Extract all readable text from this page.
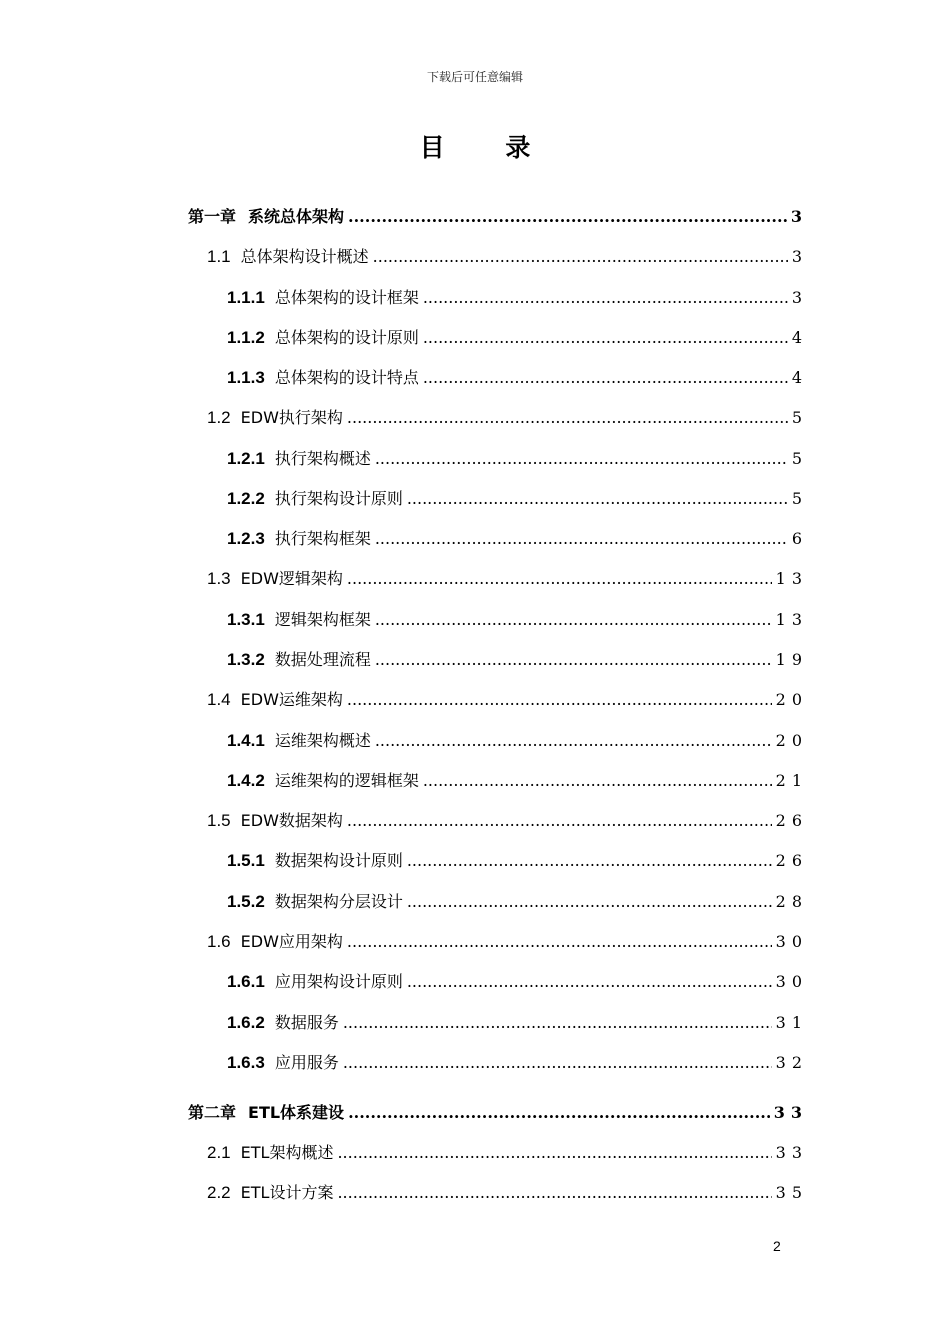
下载后可任意编辑
目 录
第一章 系统总体架构 .....	3
1.1 总体架构设计概述 .....	3
1.1.1 总体架构的设计框架 .....	3
1.1.2 总体架构的设计原则 .....	4
1.1.3 总体架构的设计特点 .....	4
1.2 EDW执行架构 .....	5
1.2.1 执行架构概述 .....	5
1.2.2 执行架构设计原则 .....	5
1.2.3 执行架构框架 .....	6
1.3 EDW逻辑架构 .....	13
1.3.1 逻辑架构框架 .....	13
1.3.2 数据处理流程 .....	19
1.4 EDW运维架构 .....	20
1.4.1 运维架构概述 .....	20
1.4.2 运维架构的逻辑框架 .....	21
1.5 EDW数据架构 .....	26
1.5.1 数据架构设计原则 .....	26
1.5.2 数据架构分层设计 .....	28
1.6 EDW应用架构 .....	30
1.6.1 应用架构设计原则 .....	30
1.6.2 数据服务 .....	31
1.6.3 应用服务 .....	32
第二章 ETL体系建设 .....	33
2.1 ETL架构概述 .....	33
2.2 ETL设计方案 .....	35
2
